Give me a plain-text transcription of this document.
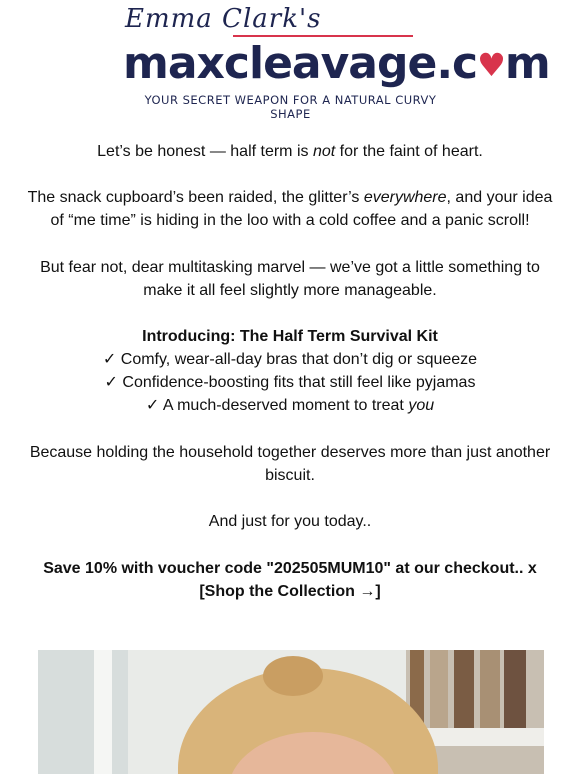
Emma Clark's
maxcleavage.c♥m
YOUR SECRET WEAPON FOR A NATURAL CURVY SHAPE

Let’s be honest — half term is not for the faint of heart.

The snack cupboard’s been raided, the glitter’s everywhere, and your idea of “me time” is hiding in the loo with a cold coffee and a panic scroll!

But fear not, dear multitasking marvel — we’ve got a little something to make it all feel slightly more manageable.

Introducing: The Half Term Survival Kit

✓ Comfy, wear-all-day bras that don’t dig or squeeze

✓ Confidence-boosting fits that still feel like pyjamas

✓ A much-deserved moment to treat you

Because holding the household together deserves more than just another biscuit.

And just for you today..

Save 10% with voucher code "202505MUM10" at our checkout.. x

[Shop the Collection →]
